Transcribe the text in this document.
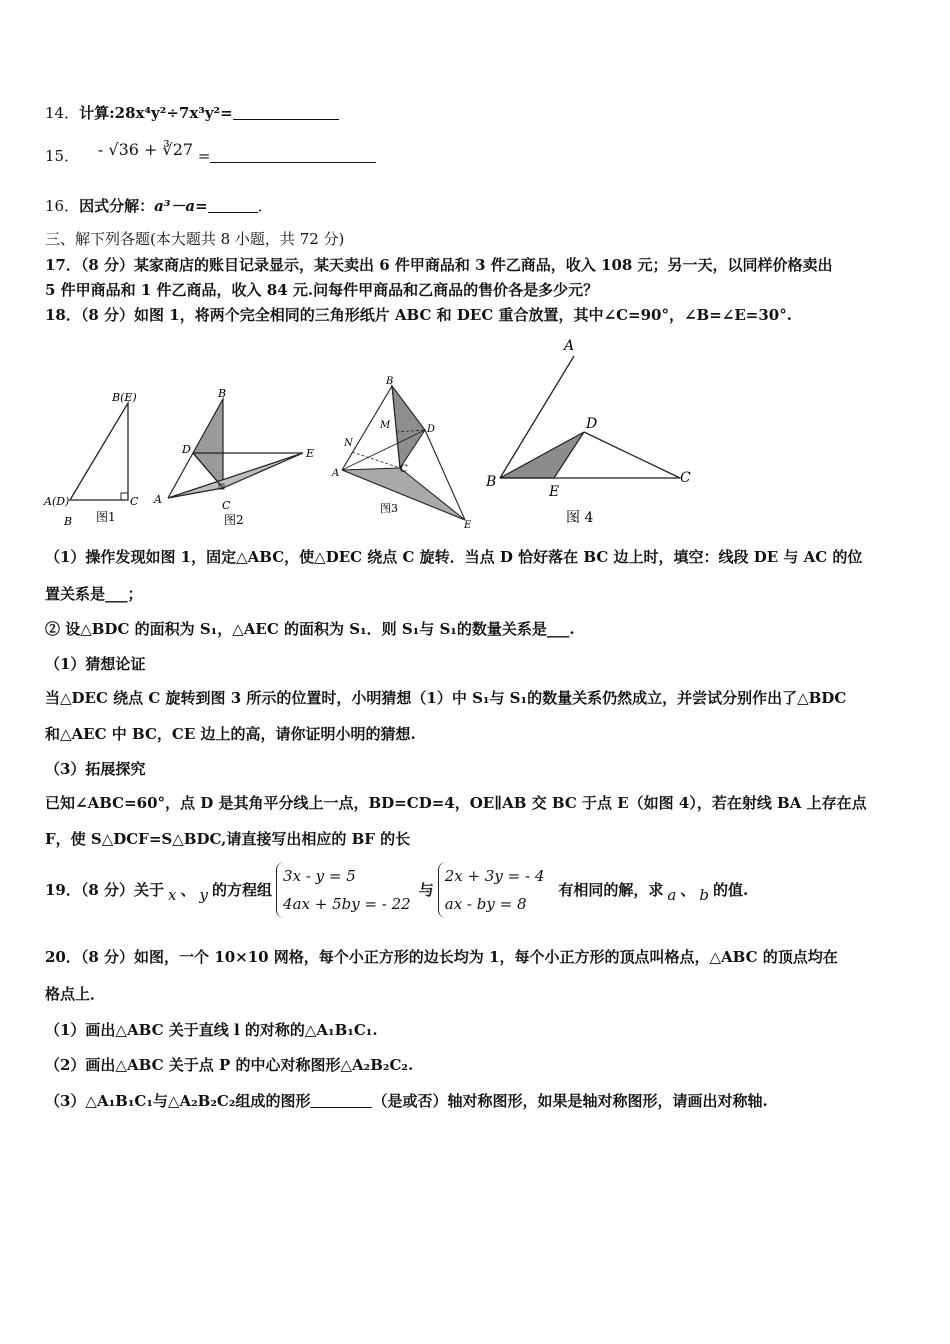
14．计算:28x⁴y²÷7x³y²=
15． - √36 + ∛27 =
16．因式分解：a³－a=	．
三、解下列各题(本大题共 8 小题，共 72 分)
17．（8 分）某家商店的账目记录显示，某天卖出 6 件甲商品和 3 件乙商品，收入 108 元；另一天，以同样价格卖出
5 件甲商品和 1 件乙商品，收入 84 元.问每件甲商品和乙商品的售价各是多少元？
18．（8 分）如图 1，将两个完全相同的三角形纸片 ABC 和 DEC 重合放置，其中∠C=90°，∠B=∠E=30°.
B(E)
A(D)	C
B 图1
B
D	E
A	C
图2
B
M	D
N
A	C
E
图3
A
D
B
E
C
图 4
（1）操作发现如图 1，固定△ABC，使△DEC 绕点 C 旋转．当点 D 恰好落在 BC 边上时，填空：线段 DE 与 AC 的位
置关系是___；
② 设△BDC 的面积为 S₁，△AEC 的面积为 S₁．则 S₁与 S₁的数量关系是___.
（1）猜想论证
当△DEC 绕点 C 旋转到图 3 所示的位置时，小明猜想（1）中 S₁与 S₁的数量关系仍然成立，并尝试分别作出了△BDC
和△AEC 中 BC，CE 边上的高，请你证明小明的猜想.
（3）拓展探究
已知∠ABC=60°，点 D 是其角平分线上一点，BD=CD=4，OE∥AB 交 BC 于点 E（如图 4），若在射线 BA 上存在点
F，使 S△DCF=S△BDC,请直接写出相应的 BF 的长
19．（8 分）关于 x 、 y 的方程组
3x - y = 5
4ax + 5by = - 22
与
2x + 3y = - 4
ax - by = 8
有相同的解，求 a 、 b 的值.
20．（8 分）如图，一个 10×10 网格，每个小正方形的边长均为 1，每个小正方形的顶点叫格点，△ABC 的顶点均在
格点上．
（1）画出△ABC 关于直线 l 的对称的△A₁B₁C₁.
（2）画出△ABC 关于点 P 的中心对称图形△A₂B₂C₂.
（3）△A₁B₁C₁与△A₂B₂C₂组成的图形	（是或否）轴对称图形，如果是轴对称图形，请画出对称轴.
